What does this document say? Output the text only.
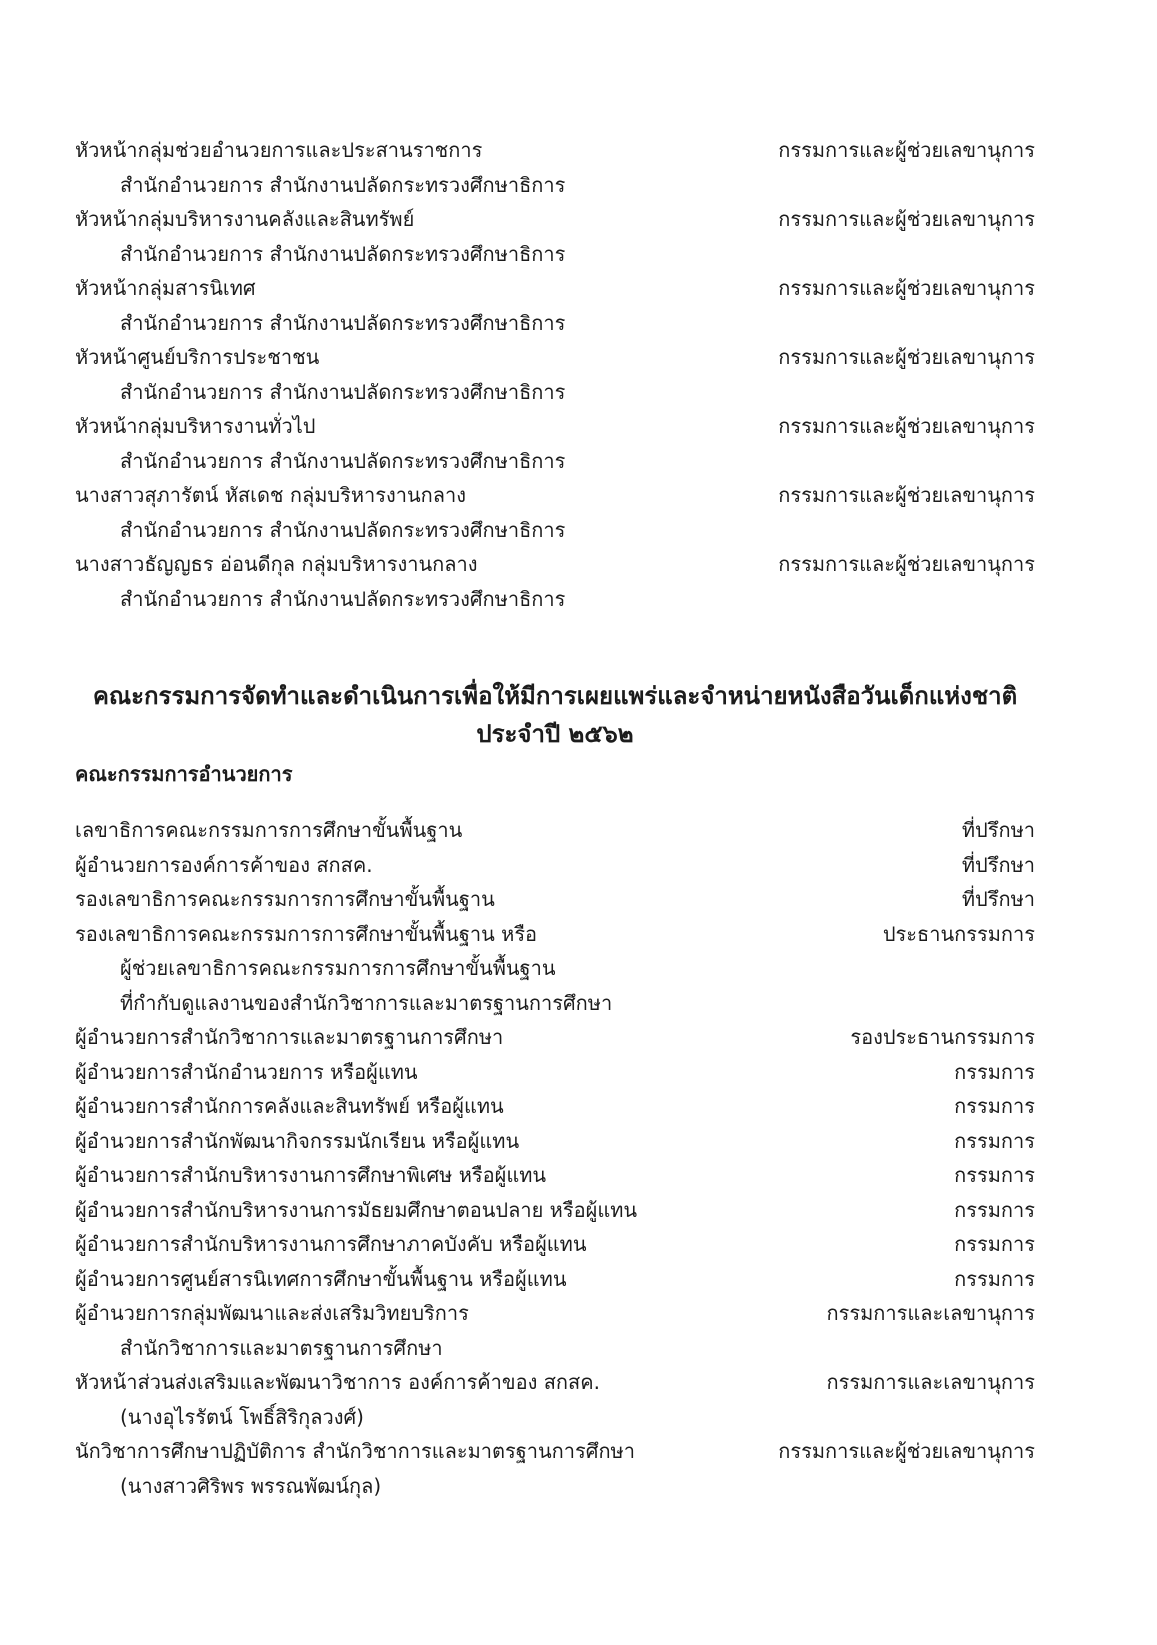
หัวหน้ากลุ่มช่วยอำนวยการและประสานราชการ	กรรมการและผู้ช่วยเลขานุการ
สำนักอำนวยการ สำนักงานปลัดกระทรวงศึกษาธิการ
หัวหน้ากลุ่มบริหารงานคลังและสินทรัพย์	กรรมการและผู้ช่วยเลขานุการ
สำนักอำนวยการ สำนักงานปลัดกระทรวงศึกษาธิการ
หัวหน้ากลุ่มสารนิเทศ	กรรมการและผู้ช่วยเลขานุการ
สำนักอำนวยการ สำนักงานปลัดกระทรวงศึกษาธิการ
หัวหน้าศูนย์บริการประชาชน	กรรมการและผู้ช่วยเลขานุการ
สำนักอำนวยการ สำนักงานปลัดกระทรวงศึกษาธิการ
หัวหน้ากลุ่มบริหารงานทั่วไป	กรรมการและผู้ช่วยเลขานุการ
สำนักอำนวยการ สำนักงานปลัดกระทรวงศึกษาธิการ
นางสาวสุภารัตน์ หัสเดช กลุ่มบริหารงานกลาง	กรรมการและผู้ช่วยเลขานุการ
สำนักอำนวยการ สำนักงานปลัดกระทรวงศึกษาธิการ
นางสาวธัญญธร อ่อนดีกุล กลุ่มบริหารงานกลาง	กรรมการและผู้ช่วยเลขานุการ
สำนักอำนวยการ สำนักงานปลัดกระทรวงศึกษาธิการ
คณะกรรมการจัดทำและดำเนินการเพื่อให้มีการเผยแพร่และจำหน่ายหนังสือวันเด็กแห่งชาติ
ประจำปี ๒๕๖๒
คณะกรรมการอำนวยการ
เลขาธิการคณะกรรมการการศึกษาขั้นพื้นฐาน	ที่ปรึกษา
ผู้อำนวยการองค์การค้าของ สกสค.	ที่ปรึกษา
รองเลขาธิการคณะกรรมการการศึกษาขั้นพื้นฐาน	ที่ปรึกษา
รองเลขาธิการคณะกรรมการการศึกษาขั้นพื้นฐาน หรือ	ประธานกรรมการ
ผู้ช่วยเลขาธิการคณะกรรมการการศึกษาขั้นพื้นฐาน
ที่กำกับดูแลงานของสำนักวิชาการและมาตรฐานการศึกษา
ผู้อำนวยการสำนักวิชาการและมาตรฐานการศึกษา	รองประธานกรรมการ
ผู้อำนวยการสำนักอำนวยการ หรือผู้แทน	กรรมการ
ผู้อำนวยการสำนักการคลังและสินทรัพย์ หรือผู้แทน	กรรมการ
ผู้อำนวยการสำนักพัฒนากิจกรรมนักเรียน หรือผู้แทน	กรรมการ
ผู้อำนวยการสำนักบริหารงานการศึกษาพิเศษ หรือผู้แทน	กรรมการ
ผู้อำนวยการสำนักบริหารงานการมัธยมศึกษาตอนปลาย หรือผู้แทน	กรรมการ
ผู้อำนวยการสำนักบริหารงานการศึกษาภาคบังคับ หรือผู้แทน	กรรมการ
ผู้อำนวยการศูนย์สารนิเทศการศึกษาขั้นพื้นฐาน หรือผู้แทน	กรรมการ
ผู้อำนวยการกลุ่มพัฒนาและส่งเสริมวิทยบริการ	กรรมการและเลขานุการ
สำนักวิชาการและมาตรฐานการศึกษา
หัวหน้าส่วนส่งเสริมและพัฒนาวิชาการ องค์การค้าของ สกสค.	กรรมการและเลขานุการ
(นางอุไรรัตน์ โพธิ์สิริกุลวงศ์)
นักวิชาการศึกษาปฏิบัติการ สำนักวิชาการและมาตรฐานการศึกษา	กรรมการและผู้ช่วยเลขานุการ
(นางสาวศิริพร พรรณพัฒน์กุล)
